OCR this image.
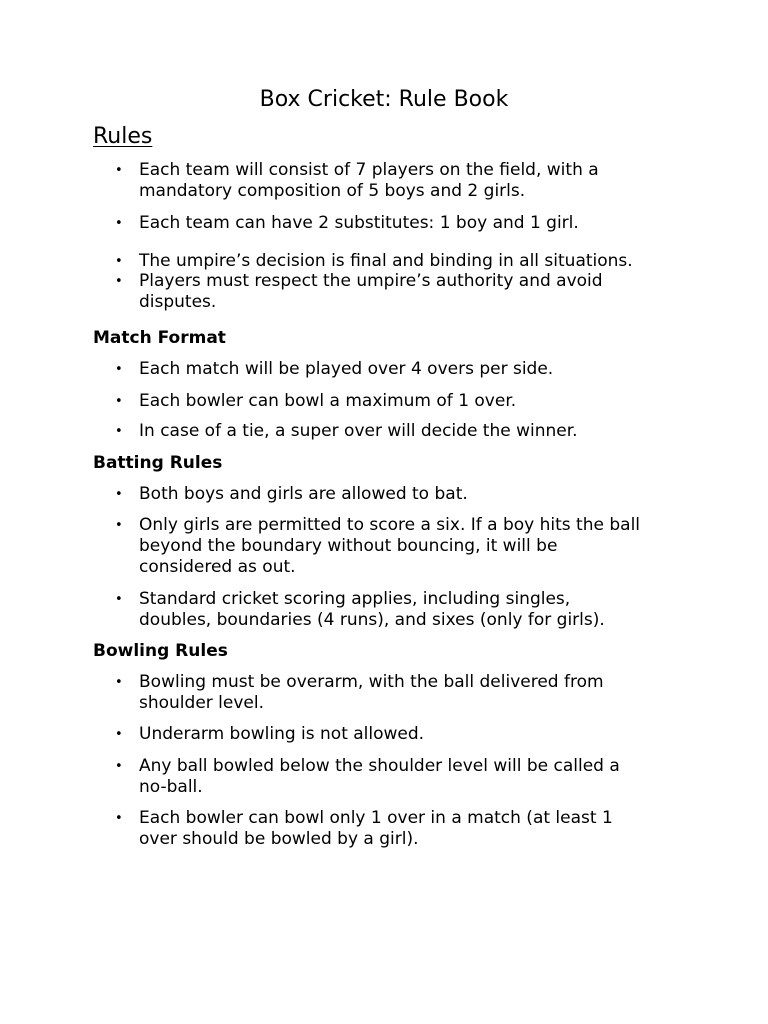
Box Cricket: Rule Book
Rules
• Each team will consist of 7 players on the field, with a
mandatory composition of 5 boys and 2 girls.
• Each team can have 2 substitutes: 1 boy and 1 girl.
• The umpire’s decision is final and binding in all situations.
• Players must respect the umpire’s authority and avoid
disputes.
Match Format
• Each match will be played over 4 overs per side.
• Each bowler can bowl a maximum of 1 over.
• In case of a tie, a super over will decide the winner.
Batting Rules
• Both boys and girls are allowed to bat.
• Only girls are permitted to score a six. If a boy hits the ball
beyond the boundary without bouncing, it will be
considered as out.
• Standard cricket scoring applies, including singles,
doubles, boundaries (4 runs), and sixes (only for girls).
Bowling Rules
• Bowling must be overarm, with the ball delivered from
shoulder level.
• Underarm bowling is not allowed.
• Any ball bowled below the shoulder level will be called a
no-ball.
• Each bowler can bowl only 1 over in a match (at least 1
over should be bowled by a girl).
